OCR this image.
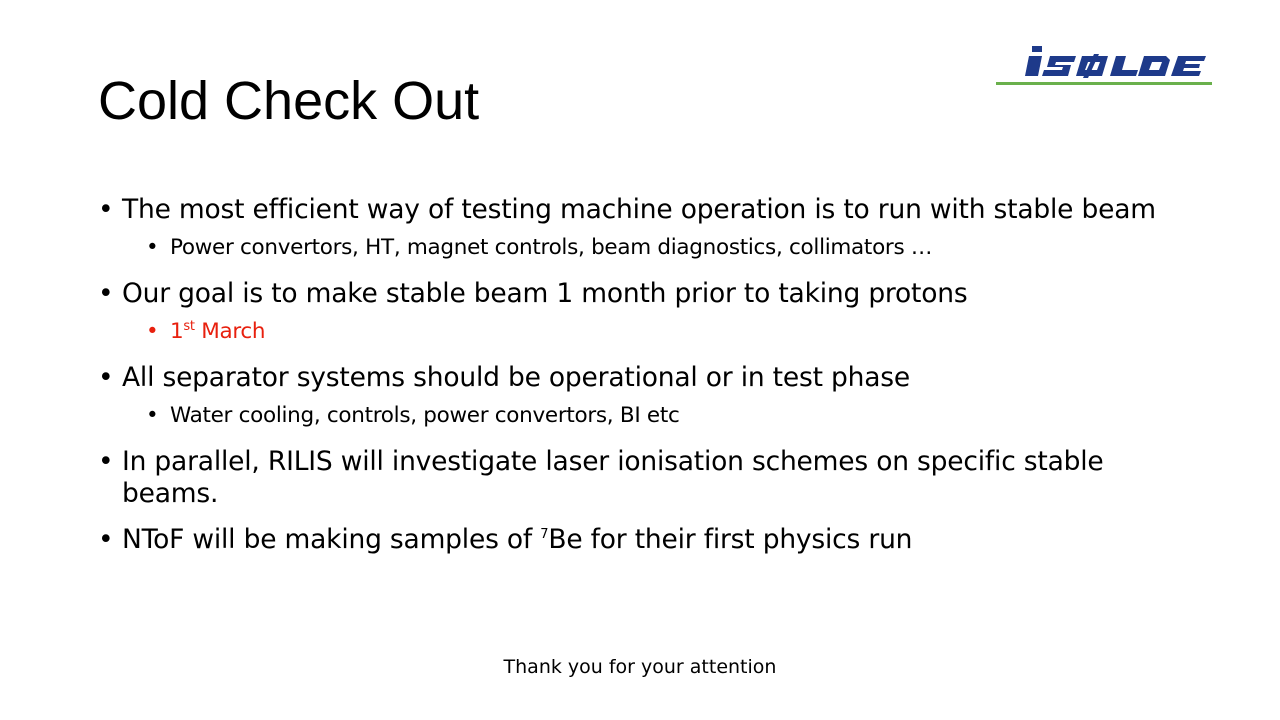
Cold Check Out
• The most efficient way of testing machine operation is to run with stable beam
• Power convertors, HT, magnet controls, beam diagnostics, collimators …
• Our goal is to make stable beam 1 month prior to taking protons
• 1st March
• All separator systems should be operational or in test phase
• Water cooling, controls, power convertors, BI etc
• In parallel, RILIS will investigate laser ionisation schemes on specific stable beams.
• NToF will be making samples of $^7$Be for their first physics run
Thank you for your attention
